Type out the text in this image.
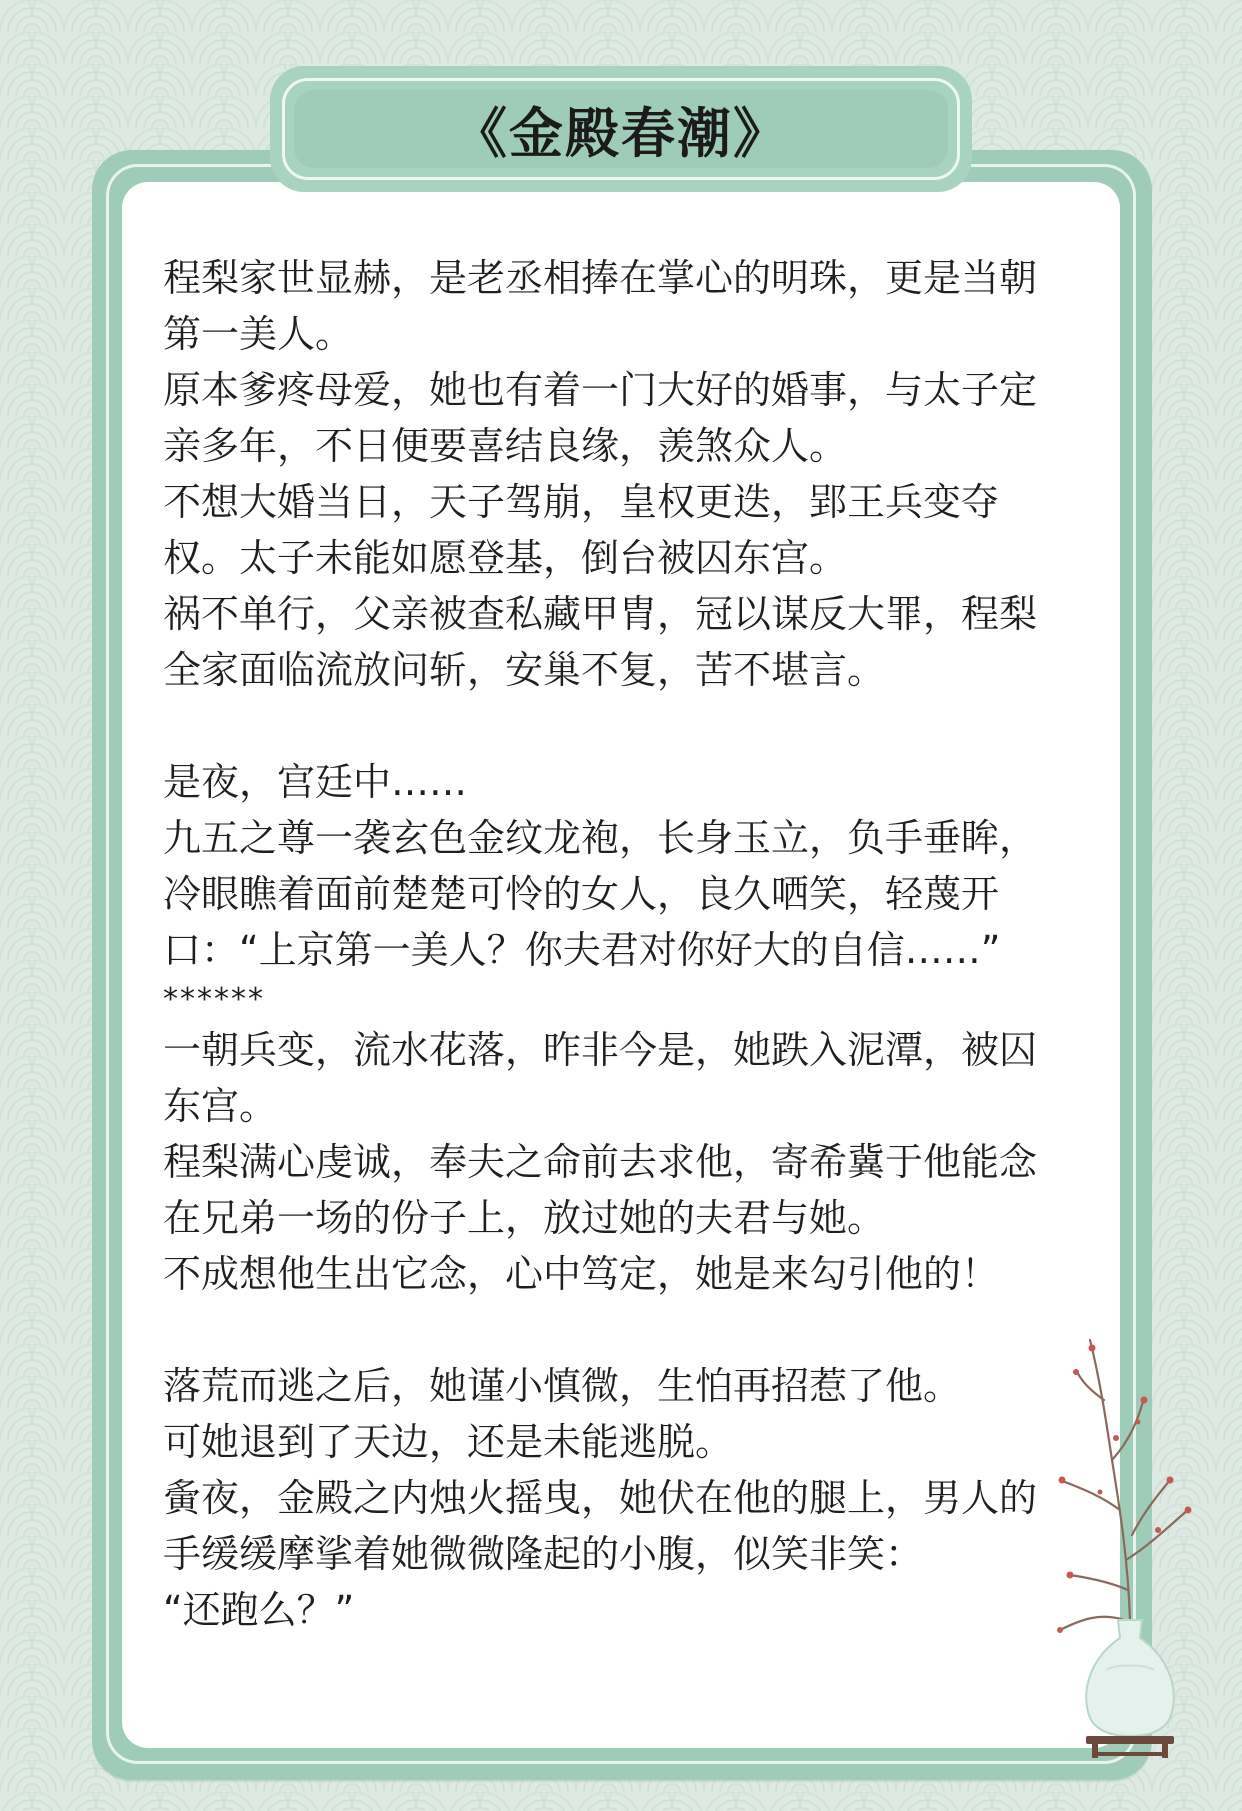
《金殿春潮》

程梨家世显赫，是老丞相捧在掌心的明珠，更是当朝第一美人。

原本爹疼母爱，她也有着一门大好的婚事，与太子定亲多年，不日便要喜结良缘，羡煞众人。

不想大婚当日，天子驾崩，皇权更迭，郢王兵变夺权。太子未能如愿登基，倒台被囚东宫。

祸不单行，父亲被查私藏甲胄，冠以谋反大罪，程梨全家面临流放问斩，安巢不复，苦不堪言。

是夜，宫廷中……

九五之尊一袭玄色金纹龙袍，长身玉立，负手垂眸，冷眼瞧着面前楚楚可怜的女人，良久哂笑，轻蔑开口：“上京第一美人？你夫君对你好大的自信……”

******

一朝兵变，流水花落，昨非今是，她跌入泥潭，被囚东宫。

程梨满心虔诚，奉夫之命前去求他，寄希冀于他能念在兄弟一场的份子上，放过她的夫君与她。

不成想他生出它念，心中笃定，她是来勾引他的！

落荒而逃之后，她谨小慎微，生怕再招惹了他。

可她退到了天边，还是未能逃脱。

夤夜，金殿之内烛火摇曳，她伏在他的腿上，男人的手缓缓摩挲着她微微隆起的小腹，似笑非笑：

“还跑么？”
